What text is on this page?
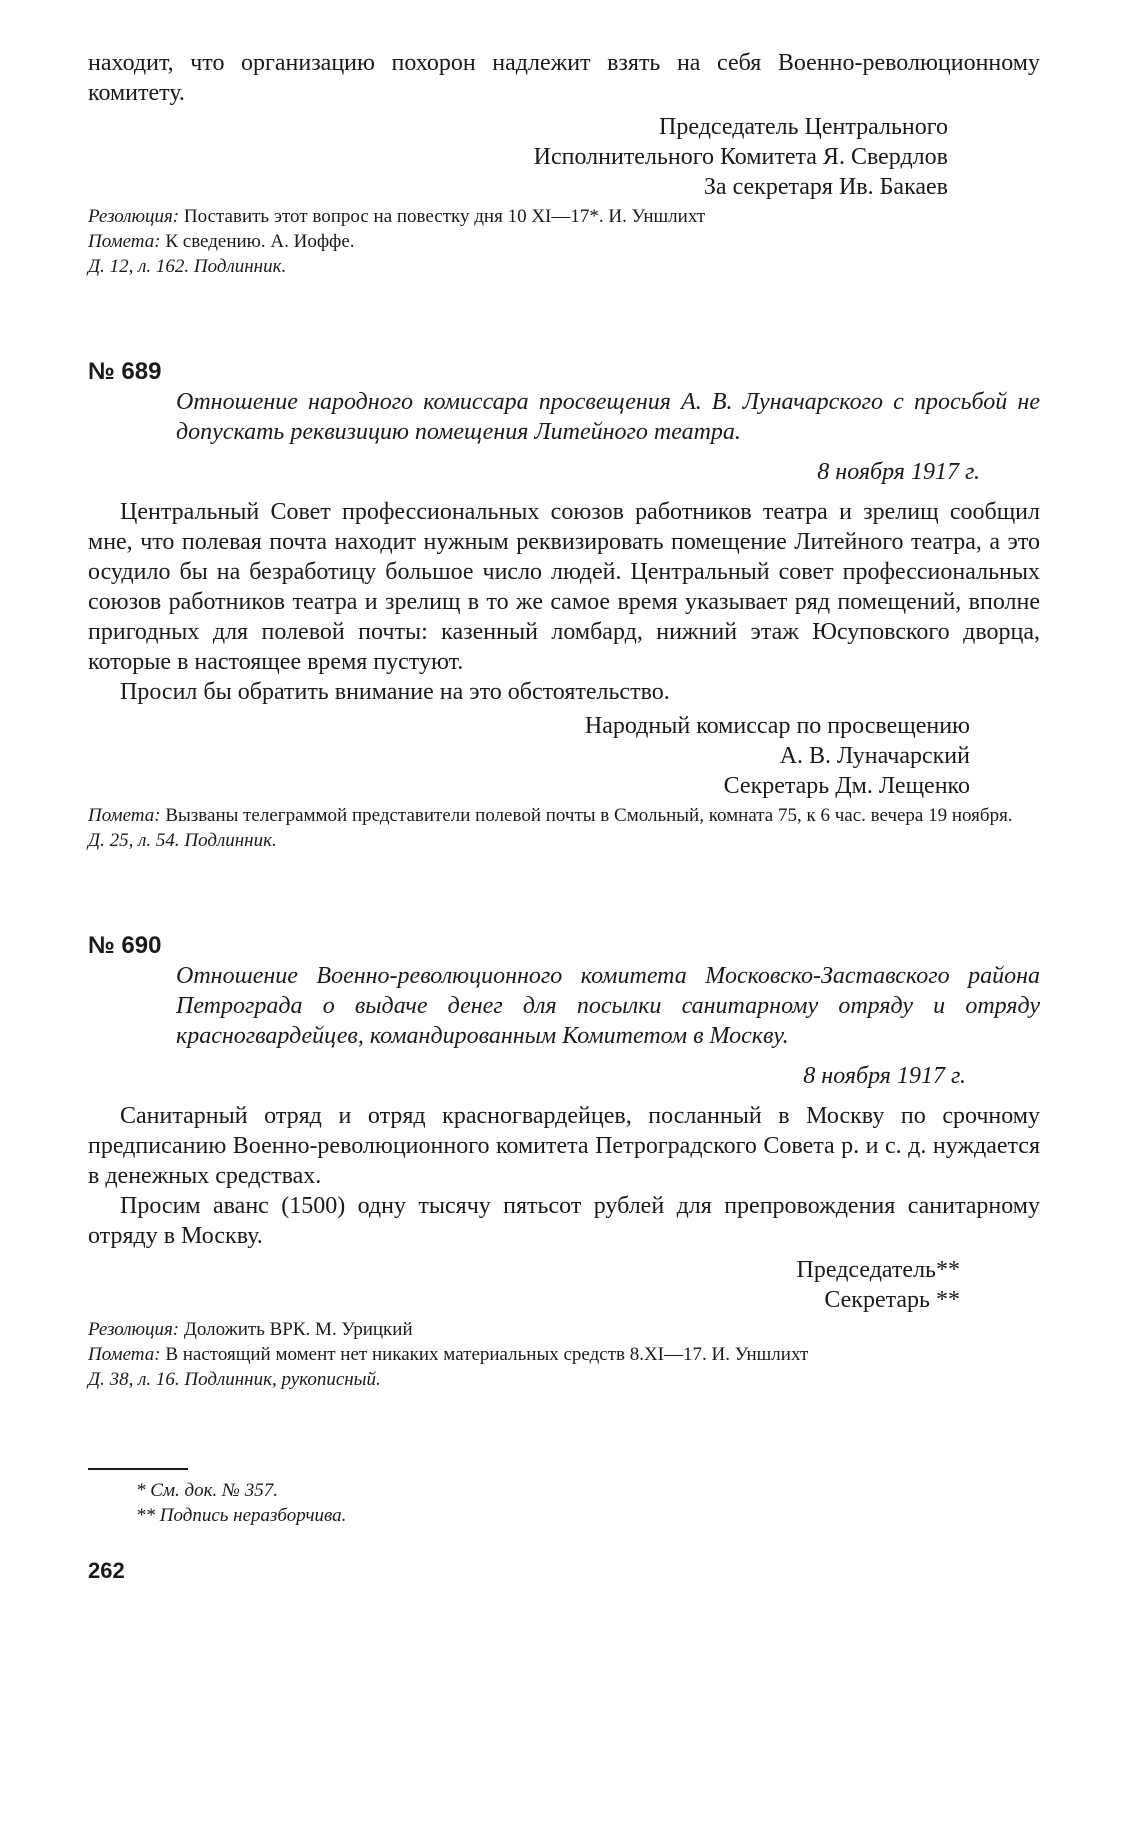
находит, что организацию похорон надлежит взять на себя Военно-революционному комитету.

Председатель Центрального

Исполнительного Комитета Я. Свердлов

За секретаря Ив. Бакаев

Резолюция: Поставить этот вопрос на повестку дня 10 XI—17*. И. Уншлихт

Помета: К сведению. А. Иоффе.

Д. 12, л. 162. Подлинник.

№ 689

Отношение народного комиссара просвещения А. В. Луначарского с просьбой не допускать реквизицию помещения Литейного театра.

8 ноября 1917 г.

Центральный Совет профессиональных союзов работников театра и зрелищ сообщил мне, что полевая почта находит нужным реквизировать помещение Литейного театра, а это осудило бы на безработицу большое число людей. Центральный совет профессиональных союзов работников театра и зрелищ в то же самое время указывает ряд помещений, вполне пригодных для полевой почты: казенный ломбард, нижний этаж Юсуповского дворца, которые в настоящее время пустуют.

Просил бы обратить внимание на это обстоятельство.

Народный комиссар по просвещению

А. В. Луначарский

Секретарь Дм. Лещенко

Помета: Вызваны телеграммой представители полевой почты в Смольный, комната 75, к 6 час. вечера 19 ноября.

Д. 25, л. 54. Подлинник.

№ 690

Отношение Военно-революционного комитета Московско-Заставского района Петрограда о выдаче денег для посылки санитарному отряду и отряду красногвардейцев, командированным Комитетом в Москву.

8 ноября 1917 г.

Санитарный отряд и отряд красногвардейцев, посланный в Москву по срочному предписанию Военно-революционного комитета Петроградского Совета р. и с. д. нуждается в денежных средствах.

Просим аванс (1500) одну тысячу пятьсот рублей для препровождения санитарному отряду в Москву.

Председатель**

Секретарь **

Резолюция: Доложить ВРК. М. Урицкий

Помета: В настоящий момент нет никаких материальных средств 8.XI—17. И. Уншлихт

Д. 38, л. 16. Подлинник, рукописный.

* См. док. № 357.

** Подпись неразборчива.

262
